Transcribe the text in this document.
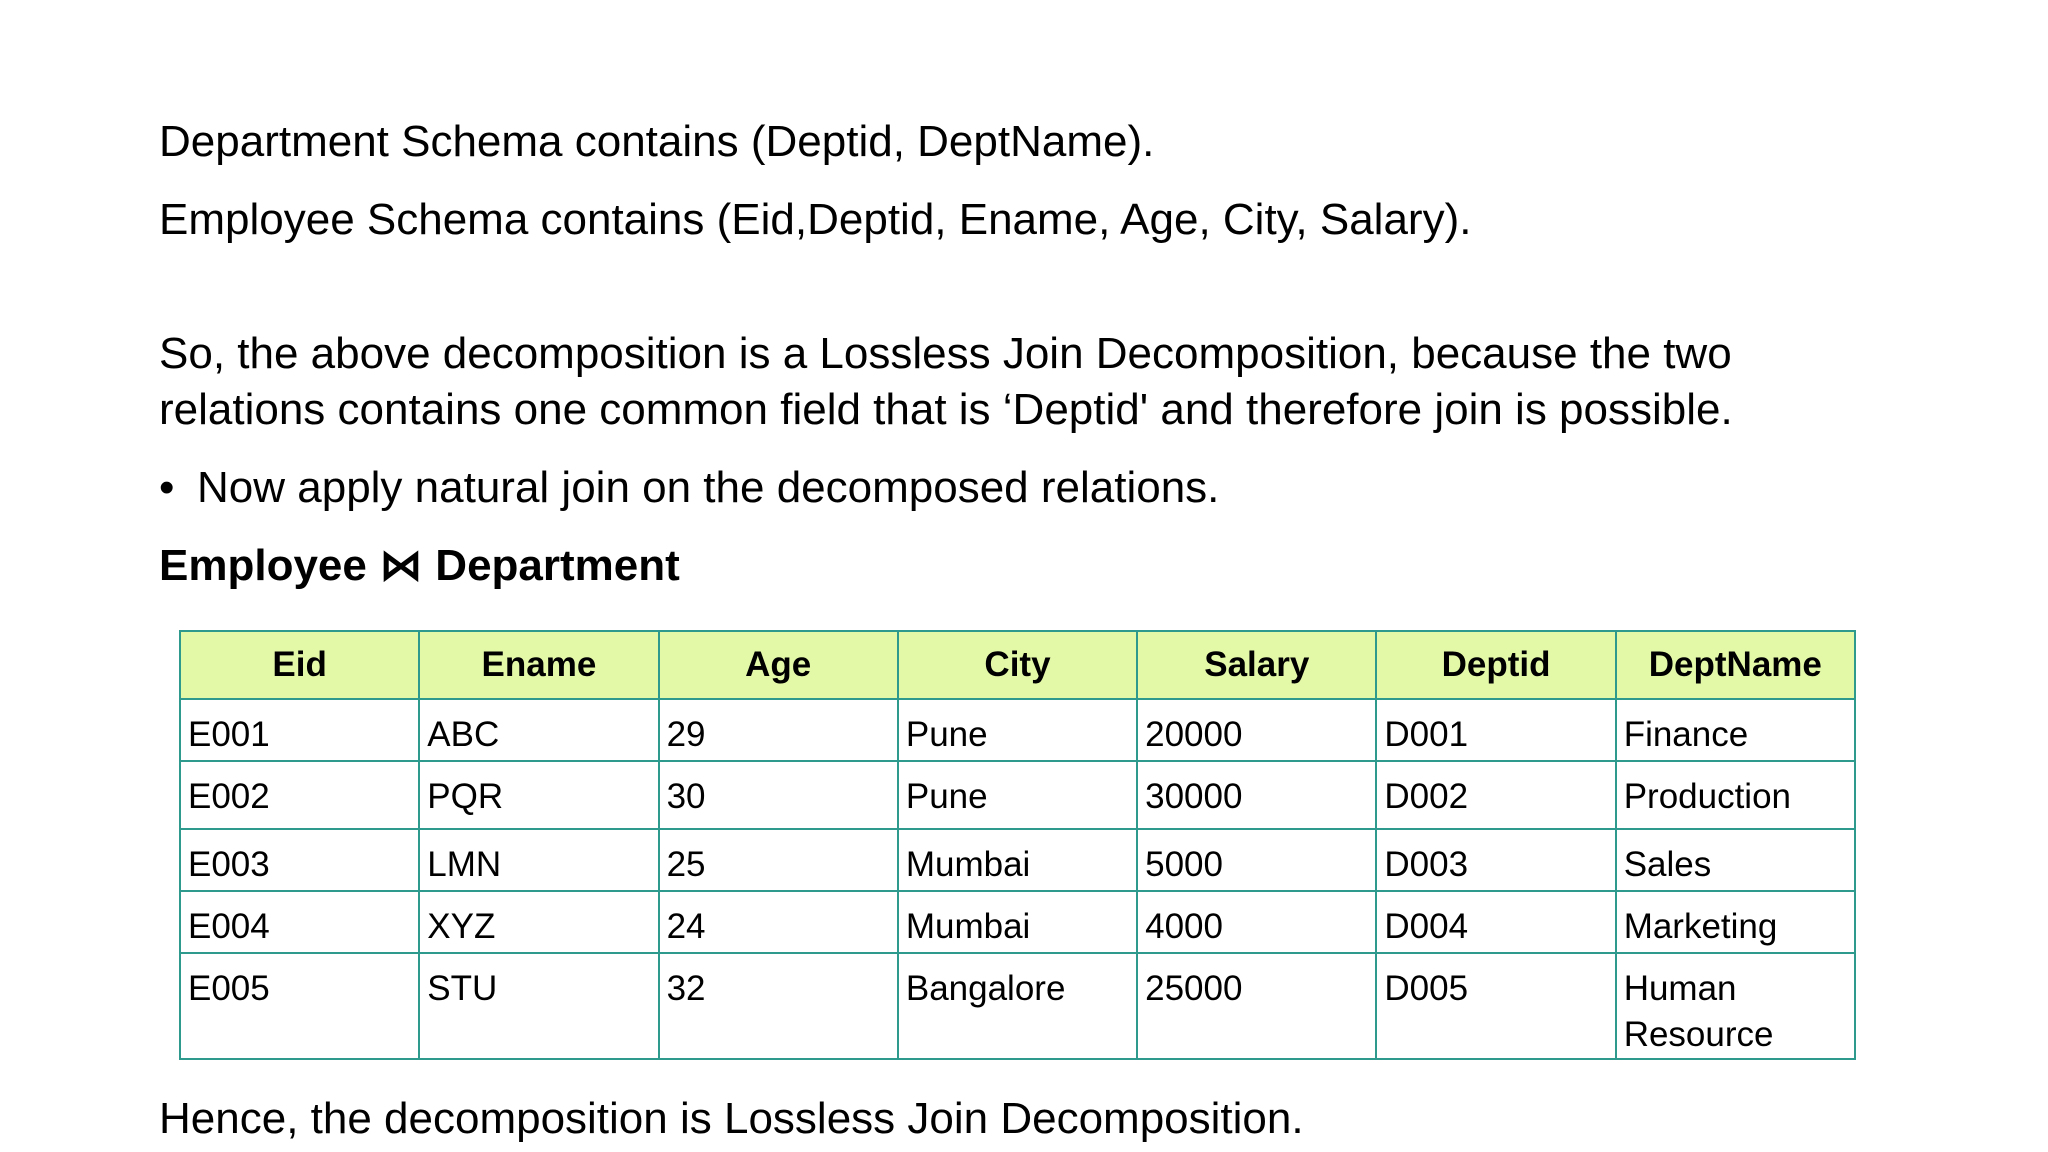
Department Schema contains (Deptid, DeptName).
Employee Schema contains (Eid,Deptid, Ename, Age, City, Salary).
So, the above decomposition is a Lossless Join Decomposition, because the two
relations contains one common field that is ‘Deptid' and therefore join is possible.
• Now apply natural join on the decomposed relations.
Employee ⋈ Department
Eid	Ename	Age	City	Salary	Deptid	DeptName
E001	ABC	29	Pune	20000	D001	Finance
E002	PQR	30	Pune	30000	D002	Production
E003	LMN	25	Mumbai	5000	D003	Sales
E004	XYZ	24	Mumbai	4000	D004	Marketing
E005	STU	32	Bangalore	25000	D005	Human Resource
Hence, the decomposition is Lossless Join Decomposition.
